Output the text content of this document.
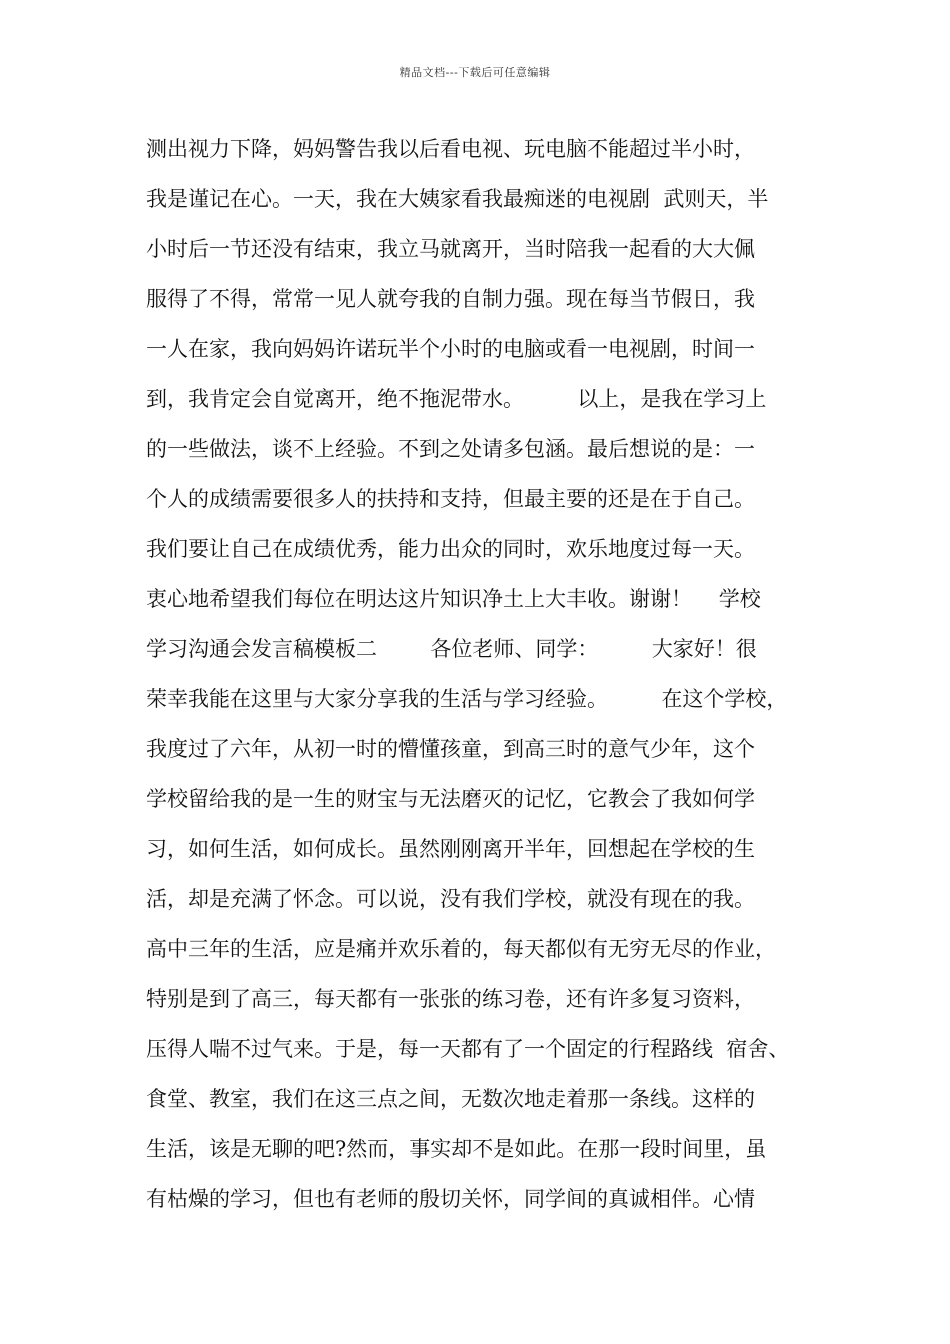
精品文档---下载后可任意编辑
测出视力下降，妈妈警告我以后看电视、玩电脑不能超过半小时，
我是谨记在心。一天，我在大姨家看我最痴迷的电视剧  武则天，半
小时后一节还没有结束，我立马就离开，当时陪我一起看的大大佩
服得了不得，常常一见人就夸我的自制力强。现在每当节假日，我
一人在家，我向妈妈许诺玩半个小时的电脑或看一电视剧，时间一
到，我肯定会自觉离开，绝不拖泥带水。        以上，是我在学习上
的一些做法，谈不上经验。不到之处请多包涵。最后想说的是：一
个人的成绩需要很多人的扶持和支持，但最主要的还是在于自己。
我们要让自己在成绩优秀，能力出众的同时，欢乐地度过每一天。
衷心地希望我们每位在明达这片知识净土上大丰收。谢谢！    学校
学习沟通会发言稿模板二        各位老师、同学：        大家好！很
荣幸我能在这里与大家分享我的生活与学习经验。        在这个学校，
我度过了六年，从初一时的懵懂孩童，到高三时的意气少年，这个
学校留给我的是一生的财宝与无法磨灭的记忆，它教会了我如何学
习，如何生活，如何成长。虽然刚刚离开半年，回想起在学校的生
活，却是充满了怀念。可以说，没有我们学校，就没有现在的我。
高中三年的生活，应是痛并欢乐着的，每天都似有无穷无尽的作业，
特别是到了高三，每天都有一张张的练习卷，还有许多复习资料，
压得人喘不过气来。于是，每一天都有了一个固定的行程路线  宿舍、
食堂、教室，我们在这三点之间，无数次地走着那一条线。这样的
生活，该是无聊的吧?然而，事实却不是如此。在那一段时间里，虽
有枯燥的学习，但也有老师的殷切关怀，同学间的真诚相伴。心情
